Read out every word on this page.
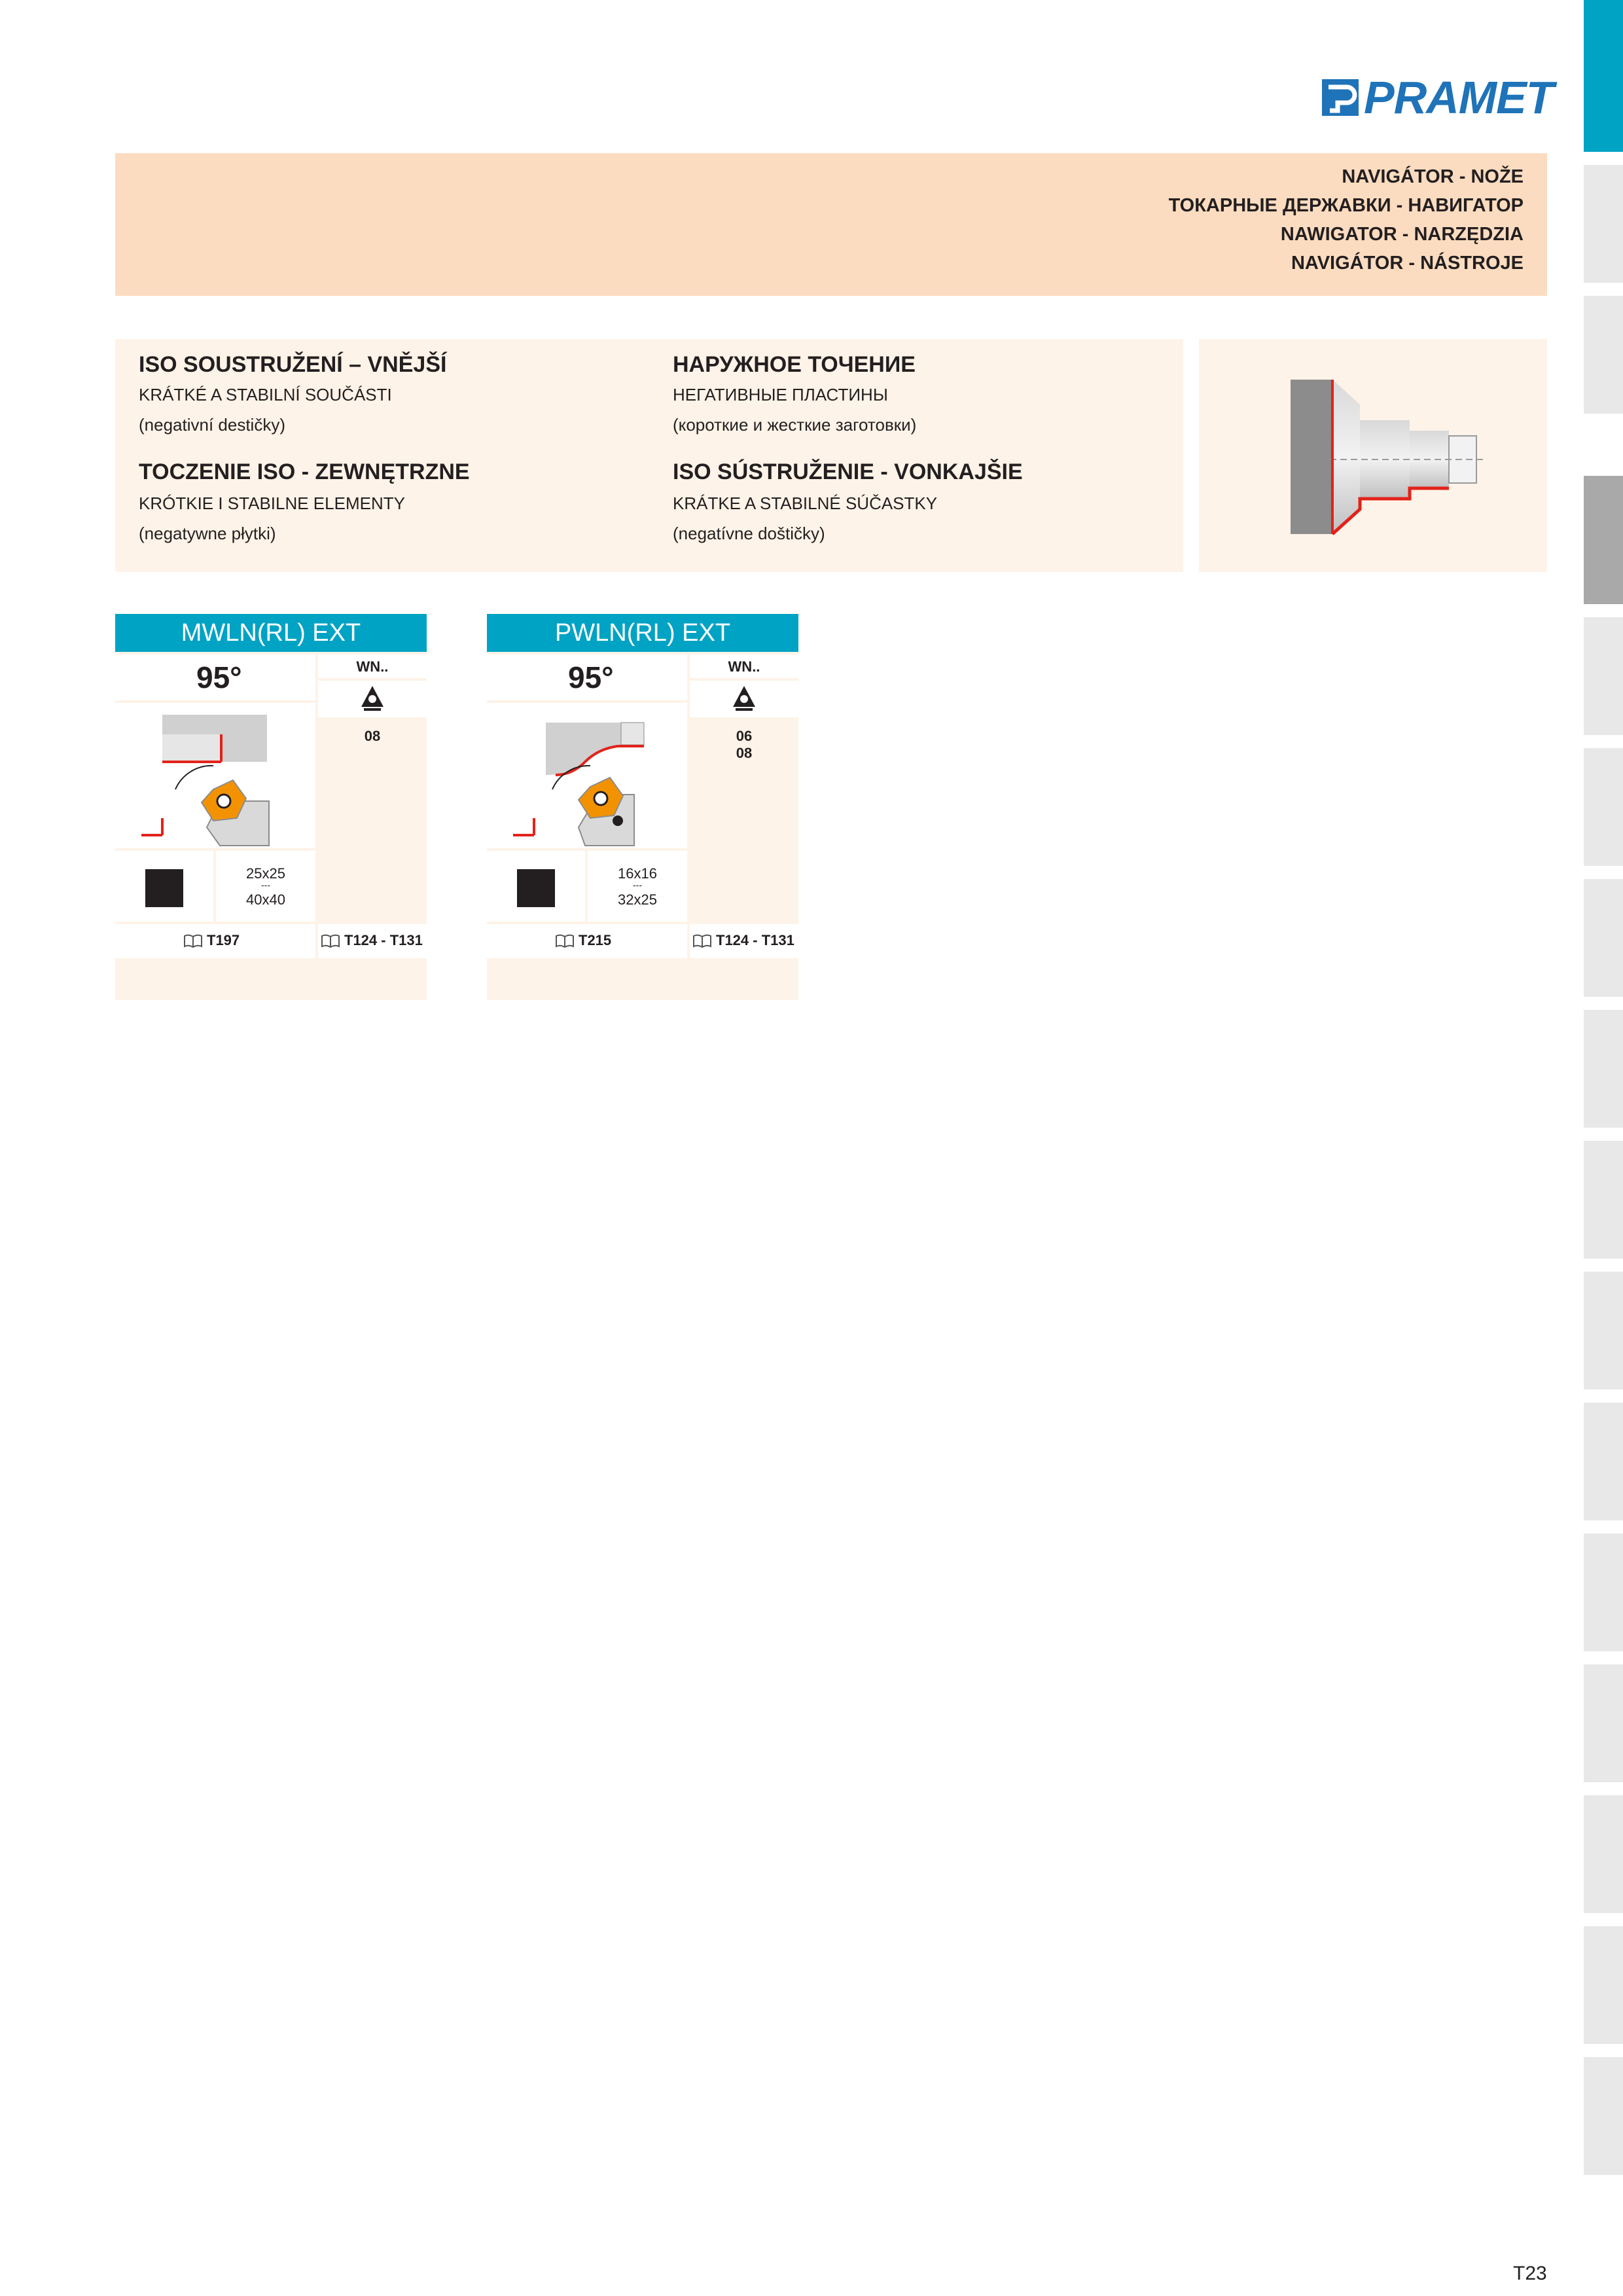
PRAMET
NAVIGÁTOR - NOŽE
ТОКАРНЫЕ ДЕРЖАВКИ - НАВИГАТОР
NAWIGATOR - NARZĘDZIA
NAVIGÁTOR - NÁSTROJE
ISO SOUSTRUŽENÍ – VNĚJŠÍ
KRÁTKÉ A STABILNÍ SOUČÁSTI
(negativní destičky)
TOCZENIE ISO - ZEWNĘTRZNE
KRÓTKIE I STABILNE ELEMENTY
(negatywne płytki)
НАРУЖНОЕ ТОЧЕНИЕ
НЕГАТИВНЫЕ ПЛАСТИНЫ
(короткие и жесткие заготовки)
ISO SÚSTRUŽENIE - VONKAJŠIE
KRÁTKE A STABILNÉ SÚČASTKY
(negatívne doštičky)
MWLN(RL) EXT
95°	WN..
25x25
---
40x40
08
T197	T124 - T131
PWLN(RL) EXT
95°	WN..
16x16
---
32x25
06
08
T215	T124 - T131
T23
